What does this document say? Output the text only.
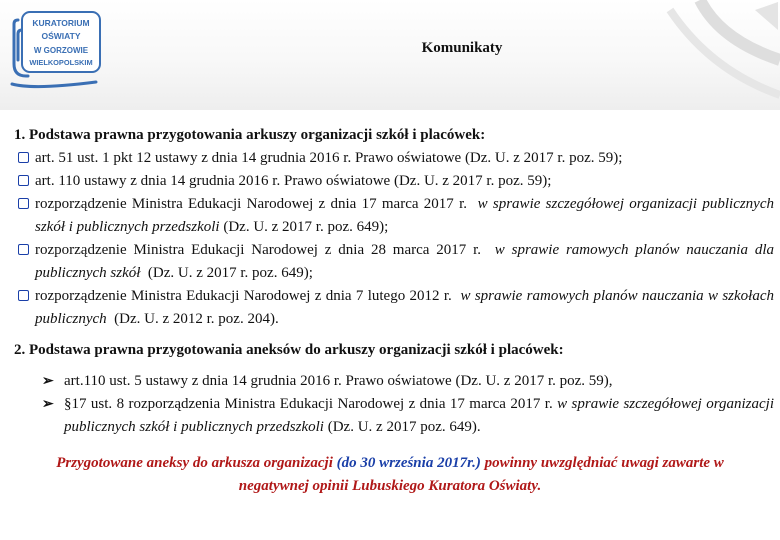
KURATORIUM
OŚWIATY
W GORZOWIE
WIELKOPOLSKIM
Komunikaty
1. Podstawa prawna przygotowania arkuszy organizacji szkół i placówek:
art. 51 ust. 1 pkt 12 ustawy z dnia 14 grudnia 2016 r. Prawo oświatowe (Dz. U. z 2017 r. poz. 59);
art. 110 ustawy z dnia 14 grudnia 2016 r. Prawo oświatowe (Dz. U. z 2017 r. poz. 59);
rozporządzenie Ministra Edukacji Narodowej z dnia 17 marca 2017 r. w sprawie szczegółowej organizacji publicznych szkół i publicznych przedszkoli (Dz. U. z 2017 r. poz. 649);
rozporządzenie Ministra Edukacji Narodowej z dnia 28 marca 2017 r. w sprawie ramowych planów nauczania dla publicznych szkół (Dz. U. z 2017 r. poz. 649);
rozporządzenie Ministra Edukacji Narodowej z dnia 7 lutego 2012 r. w sprawie ramowych planów nauczania w szkołach publicznych (Dz. U. z 2012 r. poz. 204).
2. Podstawa prawna przygotowania aneksów do arkuszy organizacji szkół i placówek:
➢ art.110 ust. 5 ustawy z dnia 14 grudnia 2016 r. Prawo oświatowe (Dz. U. z 2017 r. poz. 59),
➢ §17 ust. 8 rozporządzenia Ministra Edukacji Narodowej z dnia 17 marca 2017 r. w sprawie szczegółowej organizacji publicznych szkół i publicznych przedszkoli (Dz. U. z 2017 poz. 649).
Przygotowane aneksy do arkusza organizacji (do 30 września 2017r.) powinny uwzględniać uwagi zawarte w negatywnej opinii Lubuskiego Kuratora Oświaty.
